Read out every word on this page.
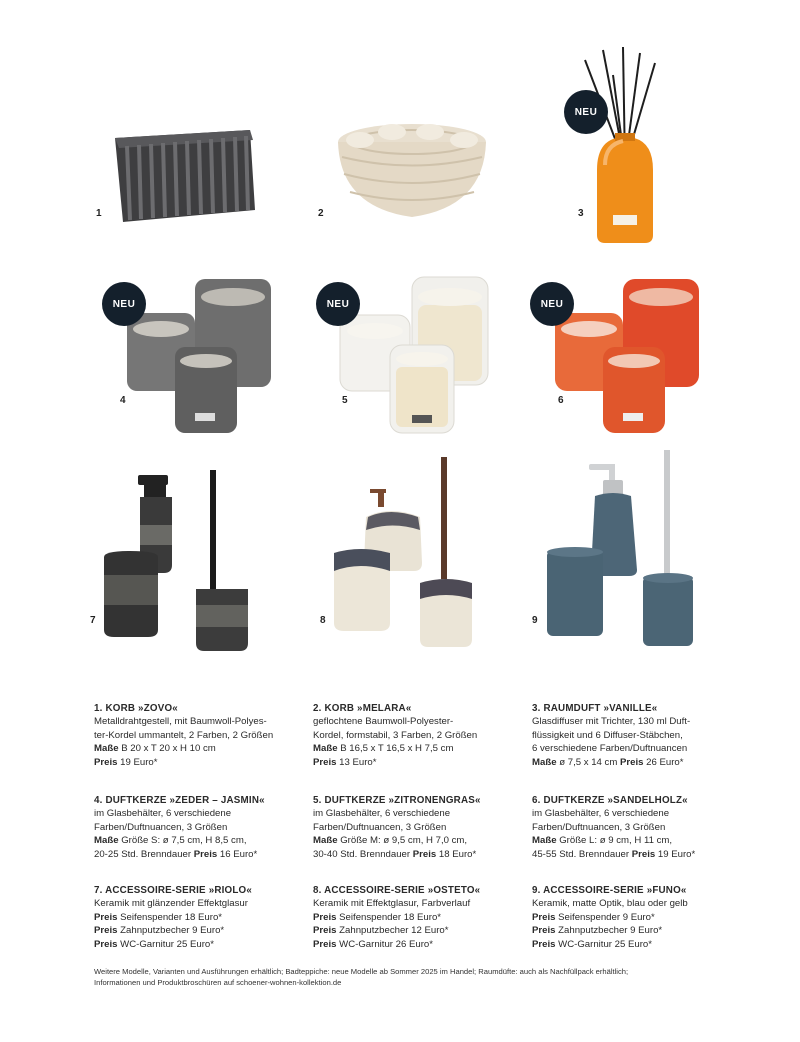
1	2
NEU
3
NEU
4
NEU
5
NEU
6
7	8	9
1. KORB »ZOVO«
Metalldrahtgestell, mit Baumwoll-Polyes-
ter-Kordel ummantelt, 2 Farben, 2 Größen
Maße B 20 x T 20 x H 10 cm
Preis 19 Euro*
2. KORB »MELARA«
geflochtene Baumwoll-Polyester-
Kordel, formstabil, 3 Farben, 2 Größen
Maße B 16,5 x T 16,5 x H 7,5 cm
Preis 13 Euro*
3. RAUMDUFT »VANILLE«
Glasdiffuser mit Trichter, 130 ml Duft-
flüssigkeit und 6 Diffuser-Stäbchen,
6 verschiedene Farben/Duftnuancen
Maße ø 7,5 x 14 cm Preis 26 Euro*
4. DUFTKERZE »ZEDER – JASMIN«
im Glasbehälter, 6 verschiedene
Farben/Duftnuancen, 3 Größen
Maße Größe S: ø 7,5 cm, H 8,5 cm,
20-25 Std. Brenndauer Preis 16 Euro*
5. DUFTKERZE »ZITRONENGRAS«
im Glasbehälter, 6 verschiedene
Farben/Duftnuancen, 3 Größen
Maße Größe M: ø 9,5 cm, H 7,0 cm,
30-40 Std. Brenndauer Preis 18 Euro*
6. DUFTKERZE »SANDELHOLZ«
im Glasbehälter, 6 verschiedene
Farben/Duftnuancen, 3 Größen
Maße Größe L: ø 9 cm, H 11 cm,
45-55 Std. Brenndauer Preis 19 Euro*
7. ACCESSOIRE-SERIE »RIOLO«
Keramik mit glänzender Effektglasur
Preis Seifenspender 18 Euro*
Preis Zahnputzbecher 9 Euro*
Preis WC-Garnitur 25 Euro*
8. ACCESSOIRE-SERIE »OSTETO«
Keramik mit Effektglasur, Farbverlauf
Preis Seifenspender 18 Euro*
Preis Zahnputzbecher 12 Euro*
Preis WC-Garnitur 26 Euro*
9. ACCESSOIRE-SERIE »FUNO«
Keramik, matte Optik, blau oder gelb
Preis Seifenspender 9 Euro*
Preis Zahnputzbecher 9 Euro*
Preis WC-Garnitur 25 Euro*
Weitere Modelle, Varianten und Ausführungen erhältlich; Badteppiche: neue Modelle ab Sommer 2025 im Handel; Raumdüfte: auch als Nachfüllpack erhältlich;
Informationen und Produktbroschüren auf schoener-wohnen-kollektion.de
